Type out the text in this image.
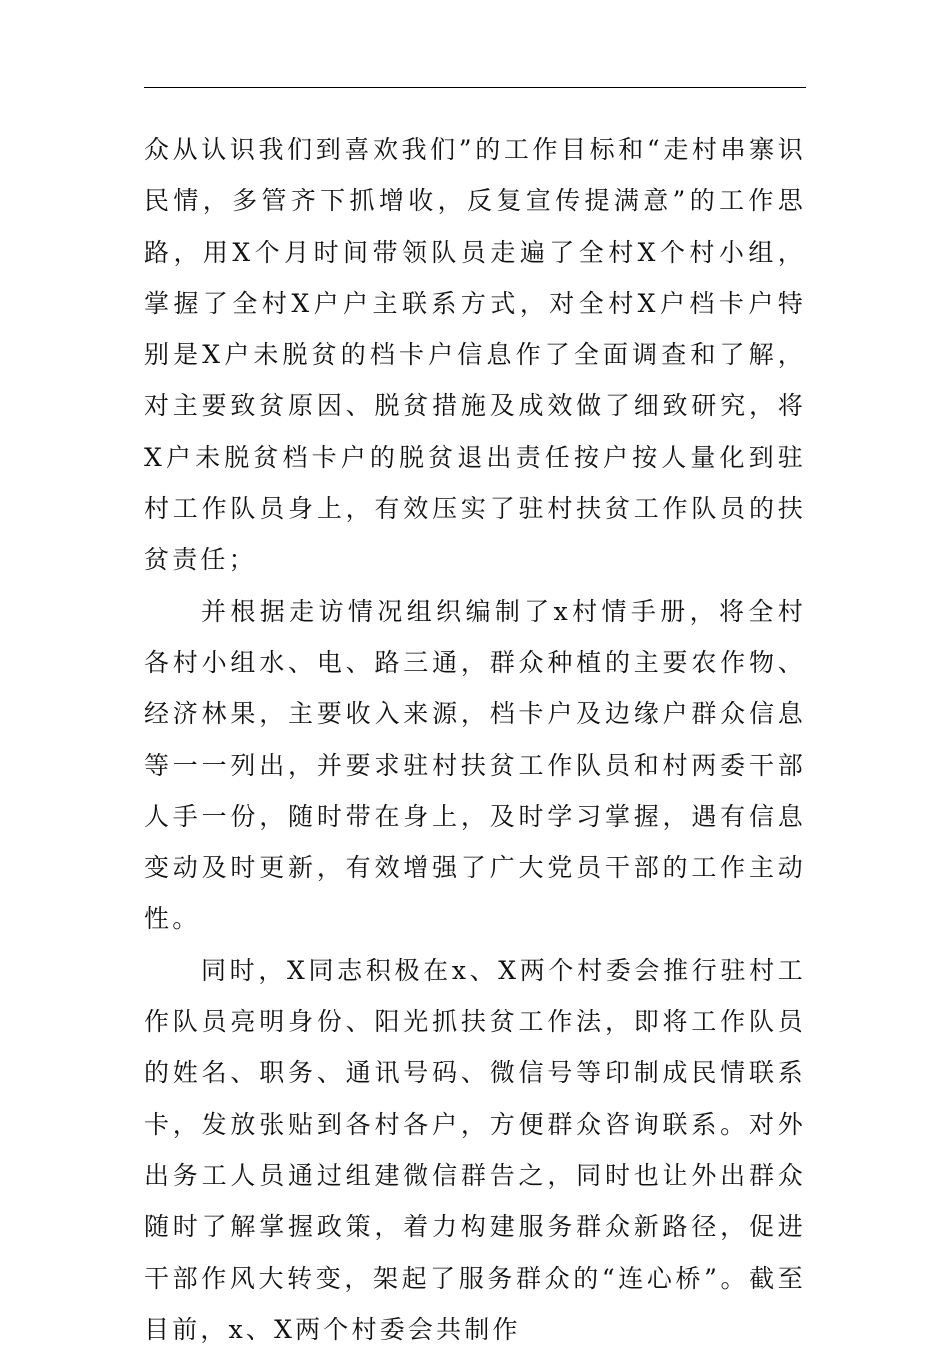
众从认识我们到喜欢我们”的工作目标和“走村串寨识民情，多管齐下抓增收，反复宣传提满意”的工作思路，用X个月时间带领队员走遍了全村X个村小组，掌握了全村X户户主联系方式，对全村X户档卡户特别是X户未脱贫的档卡户信息作了全面调查和了解，对主要致贫原因、脱贫措施及成效做了细致研究，将X户未脱贫档卡户的脱贫退出责任按户按人量化到驻村工作队员身上，有效压实了驻村扶贫工作队员的扶贫责任；

并根据走访情况组织编制了x村情手册，将全村各村小组水、电、路三通，群众种植的主要农作物、经济林果，主要收入来源，档卡户及边缘户群众信息等一一列出，并要求驻村扶贫工作队员和村两委干部人手一份，随时带在身上，及时学习掌握，遇有信息变动及时更新，有效增强了广大党员干部的工作主动性。

同时，X同志积极在x、X两个村委会推行驻村工作队员亮明身份、阳光抓扶贫工作法，即将工作队员的姓名、职务、通讯号码、微信号等印制成民情联系卡，发放张贴到各村各户，方便群众咨询联系。对外出务工人员通过组建微信群告之，同时也让外出群众随时了解掌握政策，着力构建服务群众新路径，促进干部作风大转变，架起了服务群众的“连心桥”。截至目前，x、X两个村委会共制作
